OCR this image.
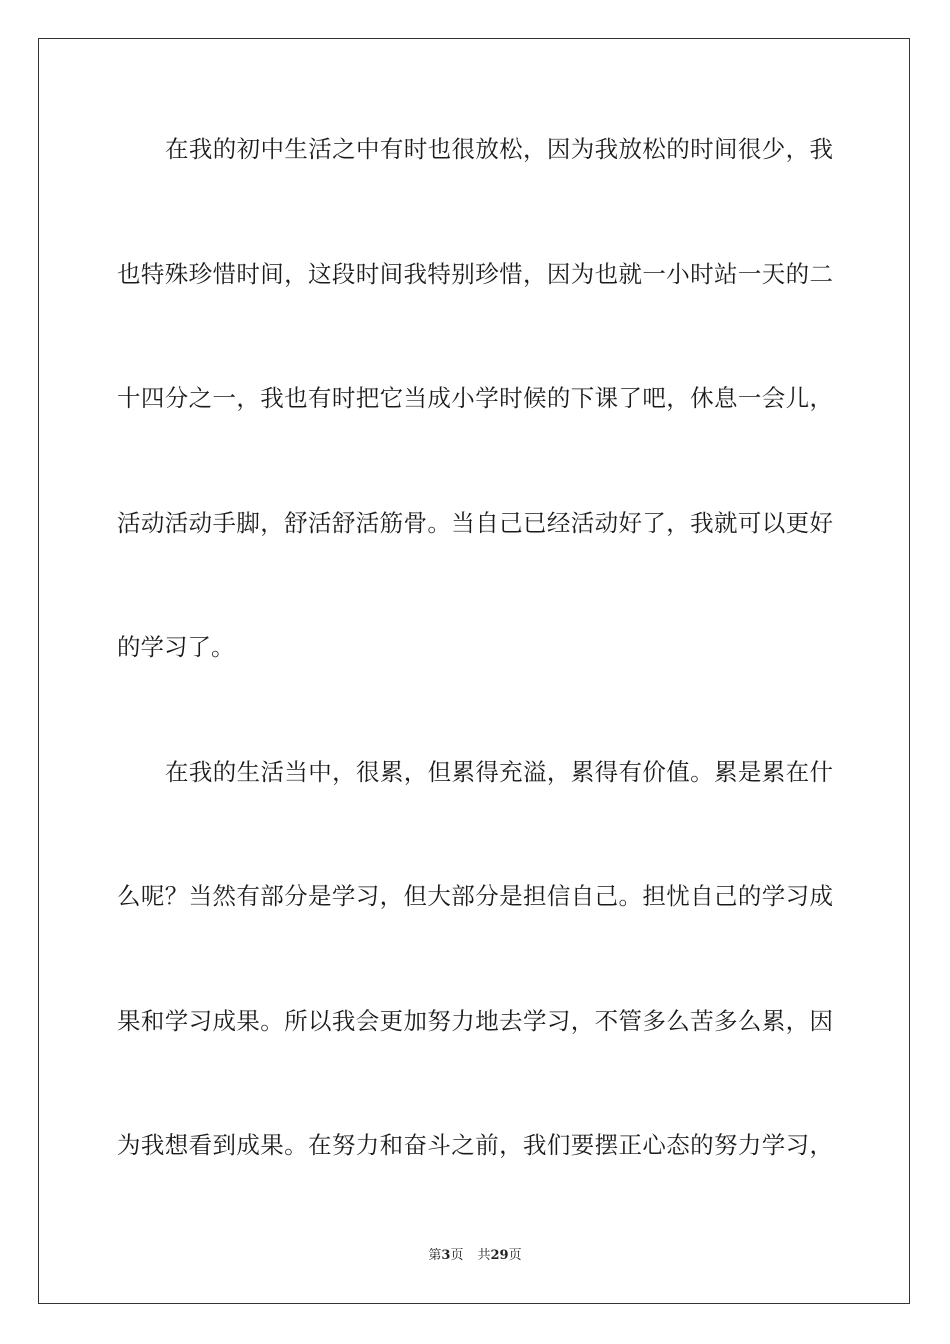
在我的初中生活之中有时也很放松，因为我放松的时间很少，我
也特殊珍惜时间，这段时间我特别珍惜，因为也就一小时站一天的二
十四分之一，我也有时把它当成小学时候的下课了吧，休息一会儿，
活动活动手脚，舒活舒活筋骨。当自己已经活动好了，我就可以更好
的学习了。
在我的生活当中，很累，但累得充溢，累得有价值。累是累在什
么呢？当然有部分是学习，但大部分是担信自己。担忧自己的学习成
果和学习成果。所以我会更加努力地去学习，不管多么苦多么累，因
为我想看到成果。在努力和奋斗之前，我们要摆正心态的努力学习，
第3页 共29页
